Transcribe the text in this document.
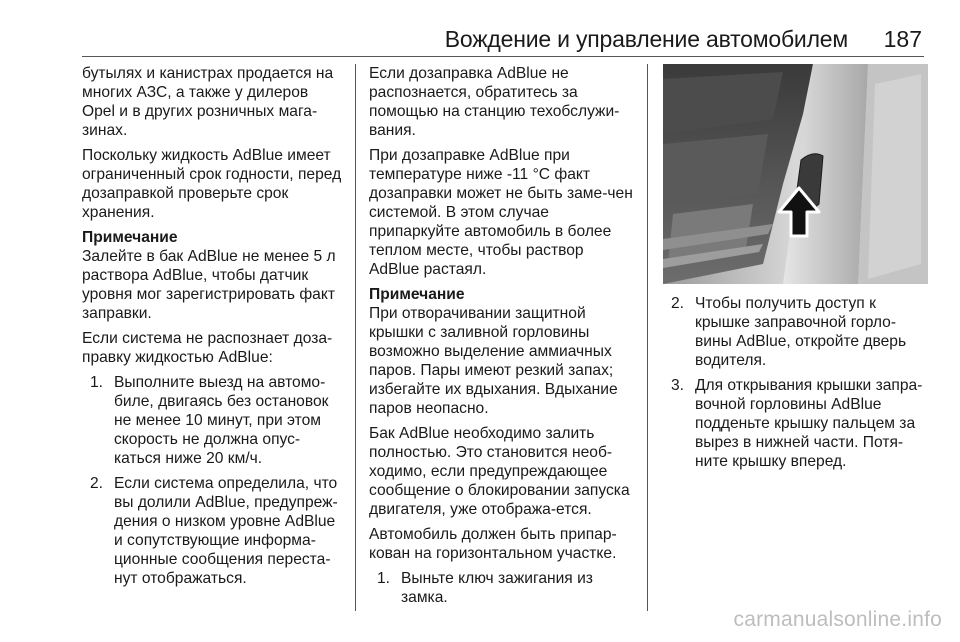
Вождение и управление автомобилем 187

бутылях и канистрах продается на многих АЗС, а также у дилеров Opel и в других розничных мага‐зинах.

Поскольку жидкость AdBlue имеет ограниченный срок годности, перед дозаправкой проверьте срок хранения.

Примечание
Залейте в бак AdBlue не менее 5 л раствора AdBlue, чтобы датчик уровня мог зарегистрировать факт заправки.

Если система не распознает доза‐правку жидкостью AdBlue:

1. Выполните выезд на автомо‐биле, двигаясь без остановок не менее 10 минут, при этом скорость не должна опус‐каться ниже 20 км/ч.
2. Если система определила, что вы долили AdBlue, предупреж‐дения о низком уровне AdBlue и сопутствующие информа‐ционные сообщения переста‐нут отображаться.

Если дозаправка AdBlue не распознается, обратитесь за помощью на станцию техобслужи‐вания.

При дозаправке AdBlue при температуре ниже -11 °C факт дозаправки может не быть заме‐чен системой. В этом случае припаркуйте автомобиль в более теплом месте, чтобы раствор AdBlue растаял.

Примечание
При отворачивании защитной крышки с заливной горловины возможно выделение аммиачных паров. Пары имеют резкий запах; избегайте их вдыхания. Вдыхание паров неопасно.

Бак AdBlue необходимо залить полностью. Это становится необ‐ходимо, если предупреждающее сообщение о блокировании запуска двигателя, уже отобража‐ется.

Автомобиль должен быть припар‐кован на горизонтальном участке.

1. Выньте ключ зажигания из замка.
2. Чтобы получить доступ к крышке заправочной горло‐вины AdBlue, откройте дверь водителя.
3. Для открывания крышки запра‐вочной горловины AdBlue подденьте крышку пальцем за вырез в нижней части. Потя‐ните крышку вперед.
carmanualsonline.info
